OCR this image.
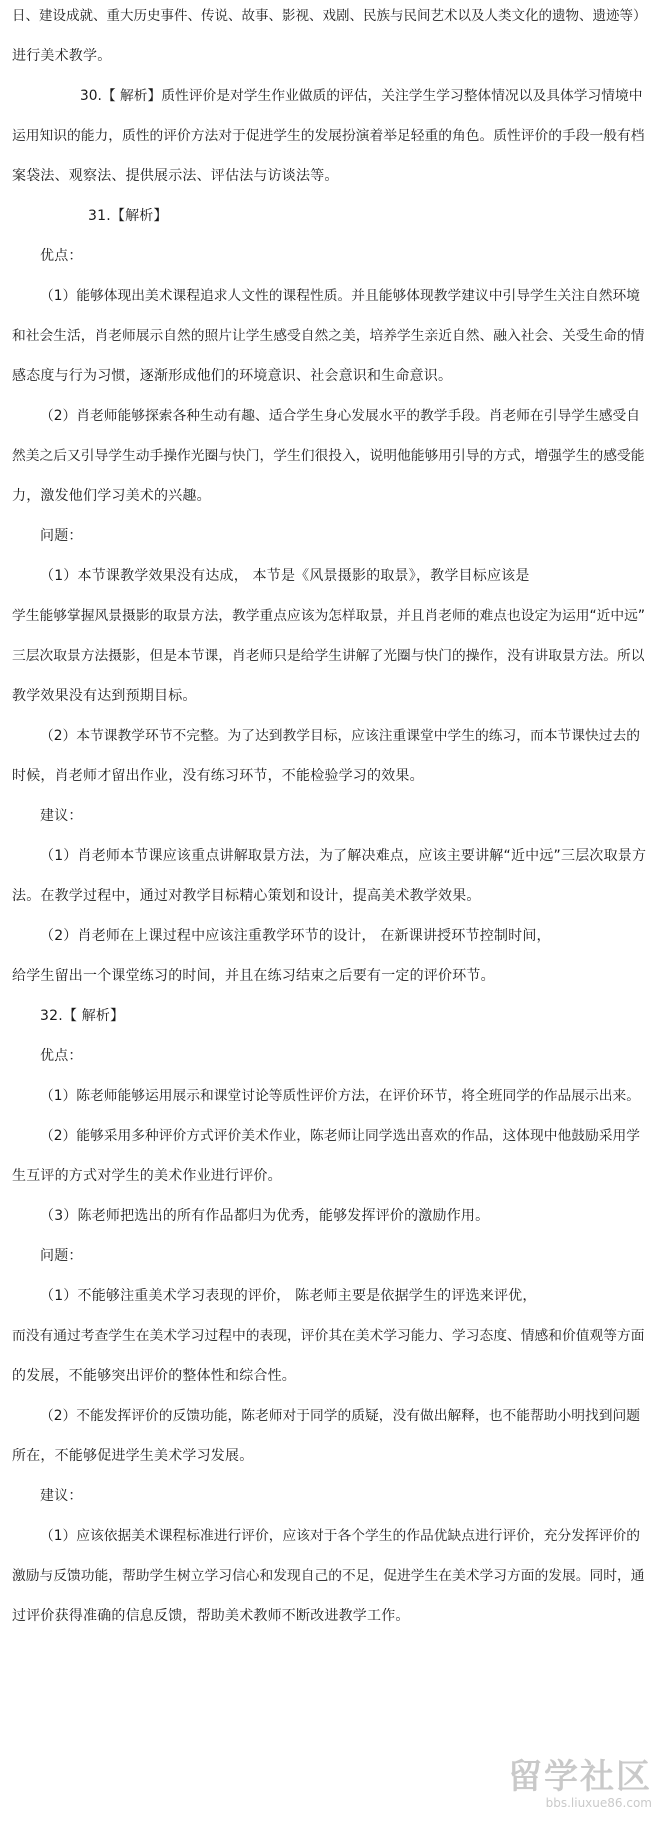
日、建设成就、重大历史事件、传说、故事、影视、戏剧、民族与民间艺术以及人类文化的遗物、遗迹等）
进行美术教学。
30.【 解析】质性评价是对学生作业做质的评估，关注学生学习整体情况以及具体学习情境中
运用知识的能力，质性的评价方法对于促进学生的发展扮演着举足轻重的角色。质性评价的手段一般有档
案袋法、观察法、提供展示法、评估法与访谈法等。
31.【解析】
优点：
（1）能够体现出美术课程追求人文性的课程性质。并且能够体现教学建议中引导学生关注自然环境
和社会生活，肖老师展示自然的照片让学生感受自然之美，培养学生亲近自然、融入社会、关受生命的情
感态度与行为习惯，逐渐形成他们的环境意识、社会意识和生命意识。
（2）肖老师能够探索各种生动有趣、适合学生身心发展水平的教学手段。肖老师在引导学生感受自
然美之后又引导学生动手操作光圈与快门，学生们很投入，说明他能够用引导的方式，增强学生的感受能
力，激发他们学习美术的兴趣。
问题：
（1）本节课教学效果没有达成， 本节是《风景摄影的取景》，教学目标应该是
学生能够掌握风景摄影的取景方法，教学重点应该为怎样取景，并且肖老师的难点也设定为运用“近中远”
三层次取景方法摄影，但是本节课，肖老师只是给学生讲解了光圈与快门的操作，没有讲取景方法。所以
教学效果没有达到预期目标。
（2）本节课教学环节不完整。为了达到教学目标，应该注重课堂中学生的练习，而本节课快过去的
时候，肖老师才留出作业，没有练习环节，不能检验学习的效果。
建议：
（1）肖老师本节课应该重点讲解取景方法，为了解决难点，应该主要讲解“近中远”三层次取景方
法。在教学过程中，通过对教学目标精心策划和设计，提高美术教学效果。
（2）肖老师在上课过程中应该注重教学环节的设计， 在新课讲授环节控制时间，
给学生留出一个课堂练习的时间，并且在练习结束之后要有一定的评价环节。
32.【 解析】
优点：
（1）陈老师能够运用展示和课堂讨论等质性评价方法，在评价环节，将全班同学的作品展示出来。
（2）能够采用多种评价方式评价美术作业，陈老师让同学选出喜欢的作品，这体现中他鼓励采用学
生互评的方式对学生的美术作业进行评价。
（3）陈老师把选出的所有作品都归为优秀，能够发挥评价的激励作用。
问题：
（1）不能够注重美术学习表现的评价， 陈老师主要是依据学生的评选来评优，
而没有通过考查学生在美术学习过程中的表现，评价其在美术学习能力、学习态度、情感和价值观等方面
的发展，不能够突出评价的整体性和综合性。
（2）不能发挥评价的反馈功能，陈老师对于同学的质疑，没有做出解释，也不能帮助小明找到问题
所在，不能够促进学生美术学习发展。
建议：
（1）应该依据美术课程标准进行评价，应该对于各个学生的作品优缺点进行评价，充分发挥评价的
激励与反馈功能，帮助学生树立学习信心和发现自己的不足，促进学生在美术学习方面的发展。同时，通
过评价获得准确的信息反馈，帮助美术教师不断改进教学工作。
留学社区
bbs.liuxue86.com
